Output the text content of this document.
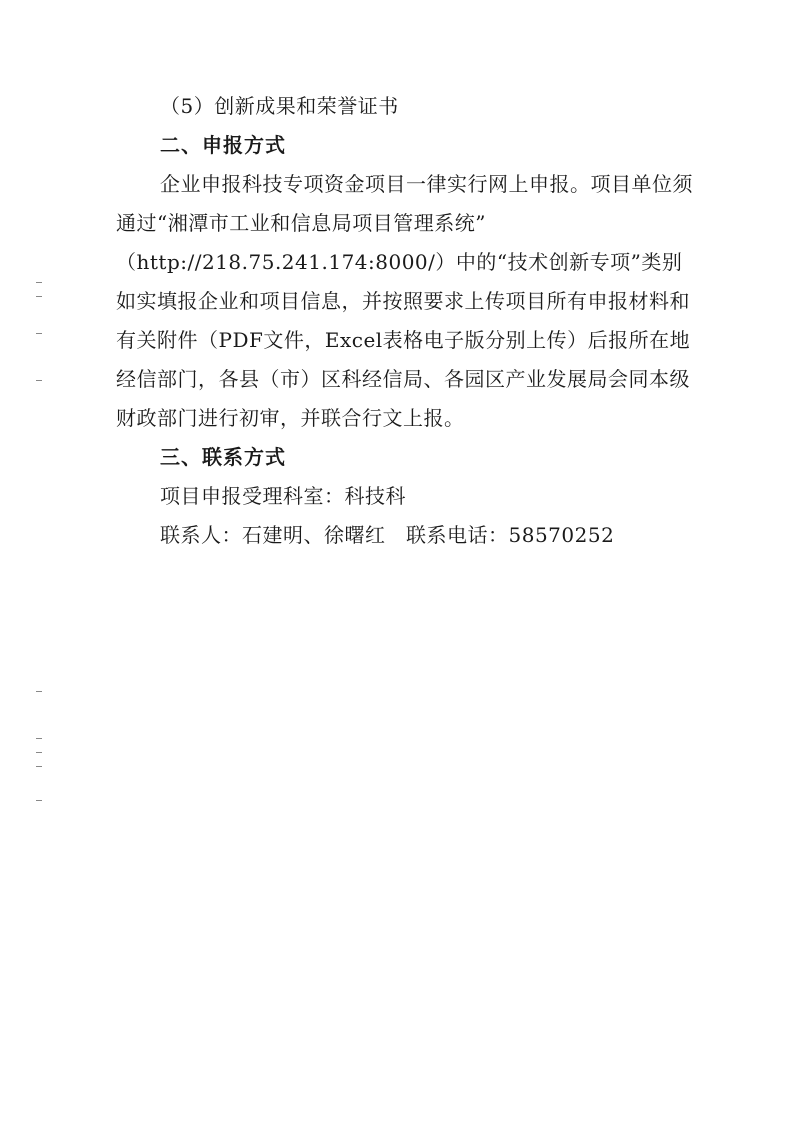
（5）创新成果和荣誉证书
二、申报方式
企业申报科技专项资金项目一律实行网上申报。项目单位须
通过“湘潭市工业和信息局项目管理系统”
（http://218.75.241.174:8000/）中的“技术创新专项”类别
如实填报企业和项目信息，并按照要求上传项目所有申报材料和
有关附件（PDF文件，Excel表格电子版分别上传）后报所在地
经信部门，各县（市）区科经信局、各园区产业发展局会同本级
财政部门进行初审，并联合行文上报。
三、联系方式
项目申报受理科室：科技科
联系人：石建明、徐曙红　联系电话：58570252
